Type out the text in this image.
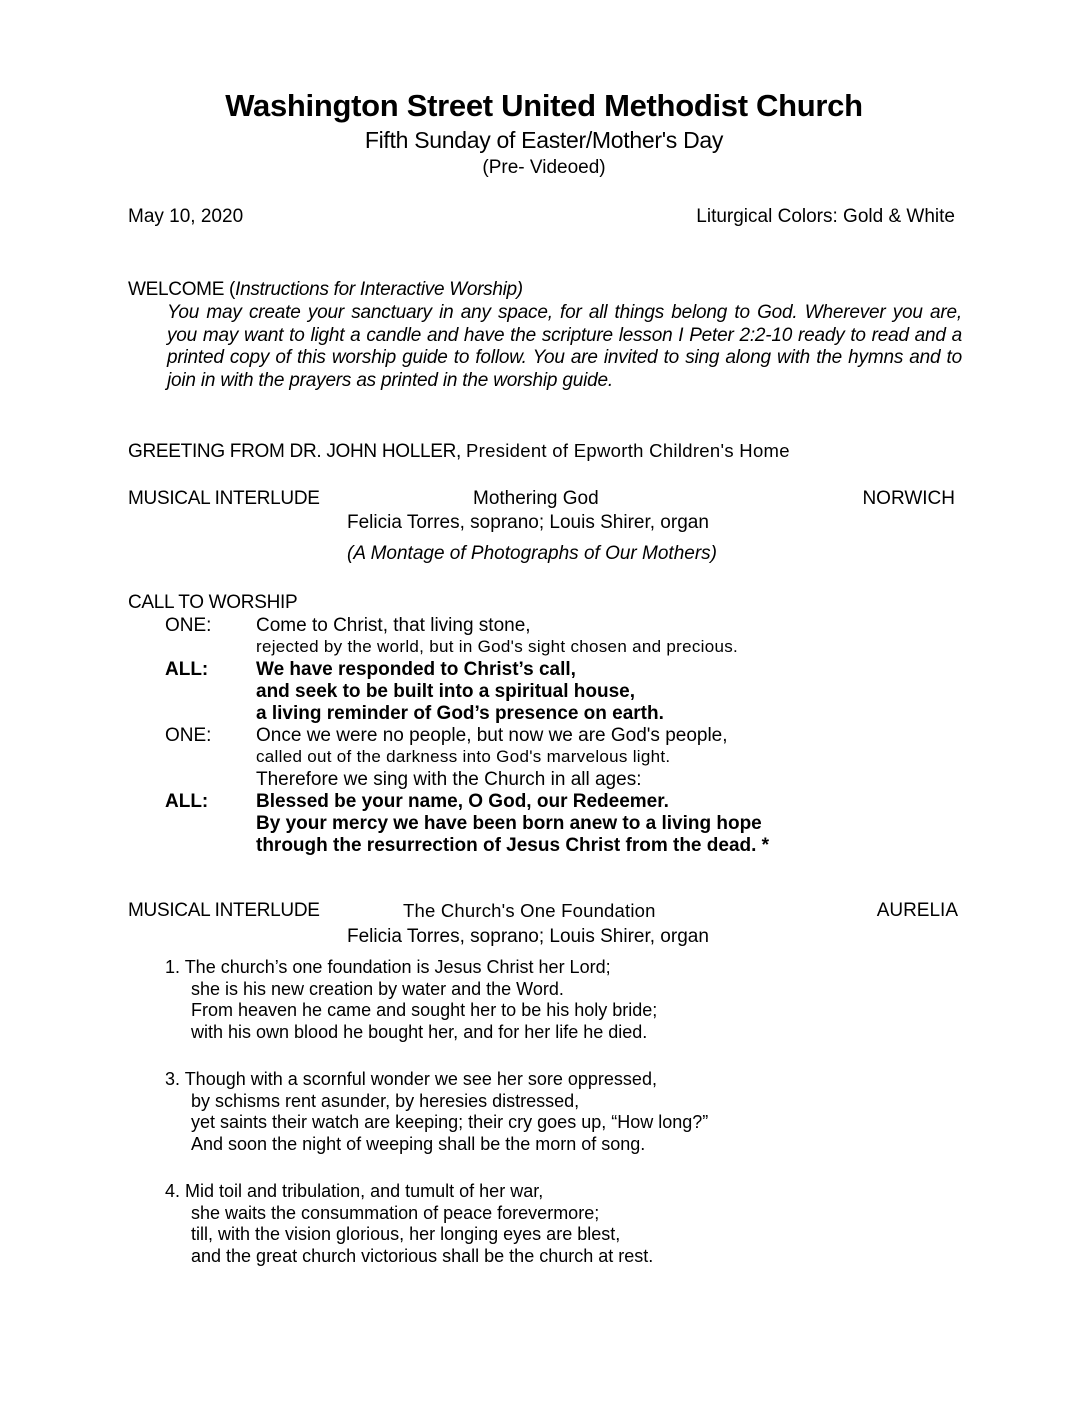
Washington Street United Methodist Church
Fifth Sunday of Easter/Mother's Day
(Pre- Videoed)
May 10, 2020	Liturgical Colors: Gold & White
WELCOME (Instructions for Interactive Worship)
You may create your sanctuary in any space, for all things belong to God. Wherever you are, you may want to light a candle and have the scripture lesson I Peter 2:2-10 ready to read and a printed copy of this worship guide to follow. You are invited to sing along with the hymns and to join in with the prayers as printed in the worship guide.
GREETING FROM DR. JOHN HOLLER, President of Epworth Children's Home
MUSICAL INTERLUDE	Mothering God	NORWICH
Felicia Torres, soprano; Louis Shirer, organ
(A Montage of Photographs of Our Mothers)
CALL TO WORSHIP
ONE: Come to Christ, that living stone,
rejected by the world, but in God's sight chosen and precious.
ALL:	We have responded to Christ’s call,
and seek to be built into a spiritual house,
a living reminder of God’s presence on earth.
ONE: Once we were no people, but now we are God's people,
called out of the darkness into God's marvelous light.
Therefore we sing with the Church in all ages:
ALL:	Blessed be your name, O God, our Redeemer.
By your mercy we have been born anew to a living hope
through the resurrection of Jesus Christ from the dead. *
MUSICAL INTERLUDE	The Church's One Foundation	AURELIA
Felicia Torres, soprano; Louis Shirer, organ
1. The church’s one foundation is Jesus Christ her Lord;
she is his new creation by water and the Word.
From heaven he came and sought her to be his holy bride;
with his own blood he bought her, and for her life he died.
3. Though with a scornful wonder we see her sore oppressed,
by schisms rent asunder, by heresies distressed,
yet saints their watch are keeping; their cry goes up, “How long?”
And soon the night of weeping shall be the morn of song.
4. Mid toil and tribulation, and tumult of her war,
she waits the consummation of peace forevermore;
till, with the vision glorious, her longing eyes are blest,
and the great church victorious shall be the church at rest.
